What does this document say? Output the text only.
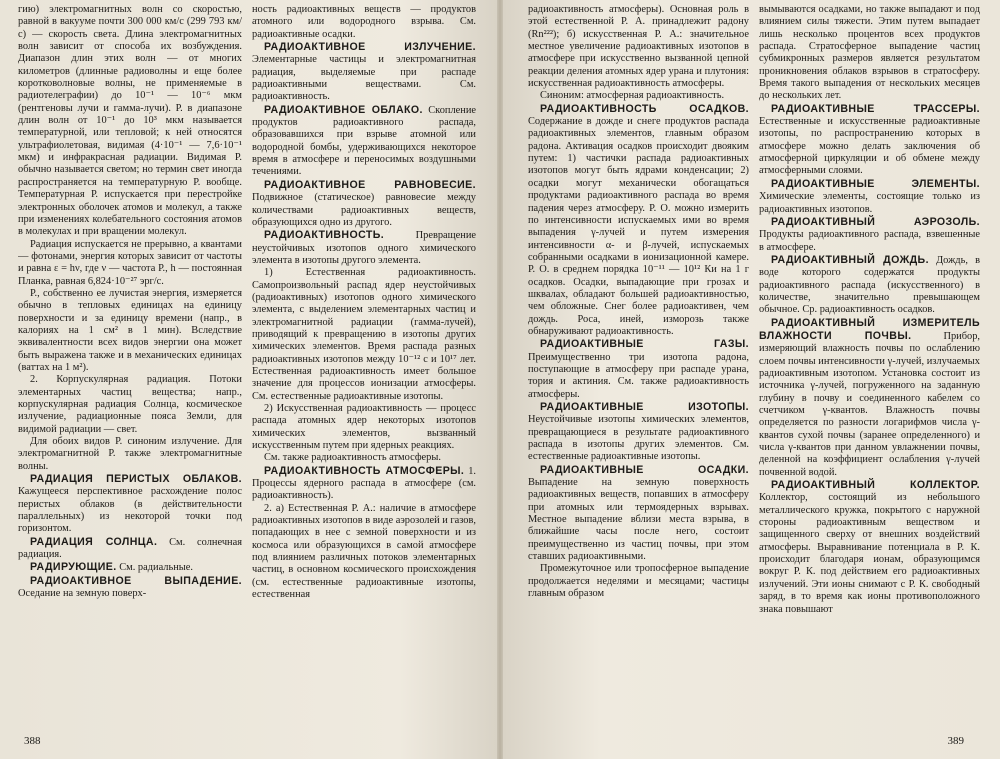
гию) электромагнитных волн со скоростью, равной в вакууме почти 300 000 км/с (299 793 км/с) — скорость света. Длина электромагнитных волн зависит от способа их возбуждения. Диапазон длин этих волн — от многих километров (длинные радиоволны и еще более коротковолновые волны, не применяемые в радиотелеграфии) до 10⁻¹ — 10⁻⁶ мкм (рентгеновы лучи и гамма-лучи). Р. в диапазоне длин волн от 10⁻¹ до 10³ мкм называется температурной, или тепловой; к ней относятся ультрафиолетовая, видимая (4·10⁻¹ — 7,6·10⁻¹ мкм) и инфракрасная радиации. Видимая Р. обычно называется светом; но термин свет иногда распространяется на температурную Р. вообще. Температурная Р. испускается при перестройке электронных оболочек атомов и молекул, а также при изменениях колебательного состояния атомов в молекулах и при вращении молекул.

Радиация испускается не прерывно, а квантами — фотонами, энергия которых зависит от частоты и равна ε = hν, где ν — частота Р., h — постоянная Планка, равная 6,824·10⁻²⁷ эрг/с.

Р., собственно ее лучистая энергия, измеряется обычно в тепловых единицах на единицу поверхности и за единицу времени (напр., в калориях на 1 см² в 1 мин). Вследствие эквивалентности всех видов энергии она может быть выражена также и в механических единицах (ваттах на 1 м²).

2. Корпускулярная радиация. Потоки элементарных частиц вещества; напр., корпускулярная радиация Солнца, космическое излучение, радиационные пояса Земли, для видимой радиации — свет.

Для обоих видов Р. синоним излучение. Для электромагнитной Р. также электромагнитные волны.

РАДИАЦИЯ ПЕРИСТЫХ ОБЛАКОВ. Кажущееся перспективное расхождение полос перистых облаков (в действительности параллельных) из некоторой точки под горизонтом.

РАДИАЦИЯ СОЛНЦА. См. солнечная радиация.

РАДИРУЮЩИЕ. См. радиальные.

РАДИОАКТИВНОЕ ВЫПАДЕНИЕ. Оседание на земную поверх-

ность радиоактивных веществ — продуктов атомного или водородного взрыва. См. радиоактивные осадки.

РАДИОАКТИВНОЕ ИЗЛУЧЕНИЕ. Элементарные частицы и электромагнитная радиация, выделяемые при распаде радиоактивными веществами. См. радиоактивность.

РАДИОАКТИВНОЕ ОБЛАКО. Скопление продуктов радиоактивного распада, образовавшихся при взрыве атомной или водородной бомбы, удерживающихся некоторое время в атмосфере и переносимых воздушными течениями.

РАДИОАКТИВНОЕ РАВНОВЕСИЕ. Подвижное (статическое) равновесие между количествами радиоактивных веществ, образующихся одно из другого.

РАДИОАКТИВНОСТЬ. Превращение неустойчивых изотопов одного химического элемента в изотопы другого элемента.

1) Естественная радиоактивность. Самопроизвольный распад ядер неустойчивых (радиоактивных) изотопов одного химического элемента, с выделением элементарных частиц и электромагнитной радиации (гамма-лучей), приводящий к превращению в изотопы других химических элементов. Время распада разных радиоактивных изотопов между 10⁻¹² с и 10¹⁷ лет. Естественная радиоактивность имеет большое значение для процессов ионизации атмосферы. См. естественные радиоактивные изотопы.

2) Искусственная радиоактивность — процесс распада атомных ядер некоторых изотопов химических элементов, вызванный искусственным путем при ядерных реакциях.

См. также радиоактивность атмосферы.

РАДИОАКТИВНОСТЬ АТМОСФЕРЫ. 1. Процессы ядерного распада в атмосфере (см. радиоактивность).

2. а) Естественная Р. А.: наличие в атмосфере радиоактивных изотопов в виде аэрозолей и газов, попадающих в нее с земной поверхности и из космоса или образующихся в самой атмосфере под влиянием различных потоков элементарных частиц, в основном космического происхождения (см. естественные радиоактивные изотопы, естественная

388

радиоактивность атмосферы). Основная роль в этой естественной Р. А. принадлежит радону (Rn²²²); б) искусственная Р. А.: значительное местное увеличение радиоактивных изотопов в атмосфере при искусственно вызванной цепной реакции деления атомных ядер урана и плутония: искусственная радиоактивность атмосферы.

Синоним: атмосферная радиоактивность.

РАДИОАКТИВНОСТЬ ОСАДКОВ. Содержание в дожде и снеге продуктов распада радиоактивных элементов, главным образом радона. Активация осадков происходит двояким путем: 1) частички распада радиоактивных изотопов могут быть ядрами конденсации; 2) осадки могут механически обогащаться продуктами радиоактивного распада во время падения через атмосферу. Р. О. можно измерить по интенсивности испускаемых ими во время выпадения γ-лучей и путем измерения интенсивности α- и β-лучей, испускаемых собранными осадками в ионизационной камере. Р. О. в среднем порядка 10⁻¹¹ — 10¹² Ки на 1 г осадков. Осадки, выпадающие при грозах и шквалах, обладают большей радиоактивностью, чем обложные. Снег более радиоактивен, чем дождь. Роса, иней, изморозь также обнаруживают радиоактивность.

РАДИОАКТИВНЫЕ ГАЗЫ. Преимущественно три изотопа радона, поступающие в атмосферу при распаде урана, тория и актиния. См. также радиоактивность атмосферы.

РАДИОАКТИВНЫЕ ИЗОТОПЫ. Неустойчивые изотопы химических элементов, превращающиеся в результате радиоактивного распада в изотопы других элементов. См. естественные радиоактивные изотопы.

РАДИОАКТИВНЫЕ ОСАДКИ. Выпадение на земную поверхность радиоактивных веществ, попавших в атмосферу при атомных или термоядерных взрывах. Местное выпадение вблизи места взрыва, в ближайшие часы после него, состоит преимущественно из частиц почвы, при этом ставших радиоактивными.

Промежуточное или тропосферное выпадение продолжается неделями и месяцами; частицы главным образом

вымываются осадками, но также выпадают и под влиянием силы тяжести. Этим путем выпадает лишь несколько процентов всех продуктов распада. Стратосферное выпадение частиц субмикронных размеров является результатом проникновения облаков взрывов в стратосферу. Время такого выпадения от нескольких месяцев до нескольких лет.

РАДИОАКТИВНЫЕ ТРАССЕРЫ. Естественные и искусственные радиоактивные изотопы, по распространению которых в атмосфере можно делать заключения об атмосферной циркуляции и об обмене между атмосферными слоями.

РАДИОАКТИВНЫЕ ЭЛЕМЕНТЫ. Химические элементы, состоящие только из радиоактивных изотопов.

РАДИОАКТИВНЫЙ АЭРОЗОЛЬ. Продукты радиоактивного распада, взвешенные в атмосфере.

РАДИОАКТИВНЫЙ ДОЖДЬ. Дождь, в воде которого содержатся продукты радиоактивного распада (искусственного) в количестве, значительно превышающем обычное. Ср. радиоактивность осадков.

РАДИОАКТИВНЫЙ ИЗМЕРИТЕЛЬ ВЛАЖНОСТИ ПОЧВЫ. Прибор, измеряющий влажность почвы по ослаблению слоем почвы интенсивности γ-лучей, излучаемых радиоактивным изотопом. Установка состоит из источника γ-лучей, погруженного на заданную глубину в почву и соединенного кабелем со счетчиком γ-квантов. Влажность почвы определяется по разности логарифмов числа γ-квантов сухой почвы (заранее определенного) и числа γ-квантов при данном увлажнении почвы, деленной на коэффициент ослабления γ-лучей почвенной водой.

РАДИОАКТИВНЫЙ КОЛЛЕКТОР. Коллектор, состоящий из небольшого металлического кружка, покрытого с наружной стороны радиоактивным веществом и защищенного сверху от внешних воздействий атмосферы. Выравнивание потенциала в Р. К. происходит благодаря ионам, образующимся вокруг Р. К. под действием его радиоактивных излучений. Эти ионы снимают с Р. К. свободный заряд, в то время как ионы противоположного знака повышают

389
